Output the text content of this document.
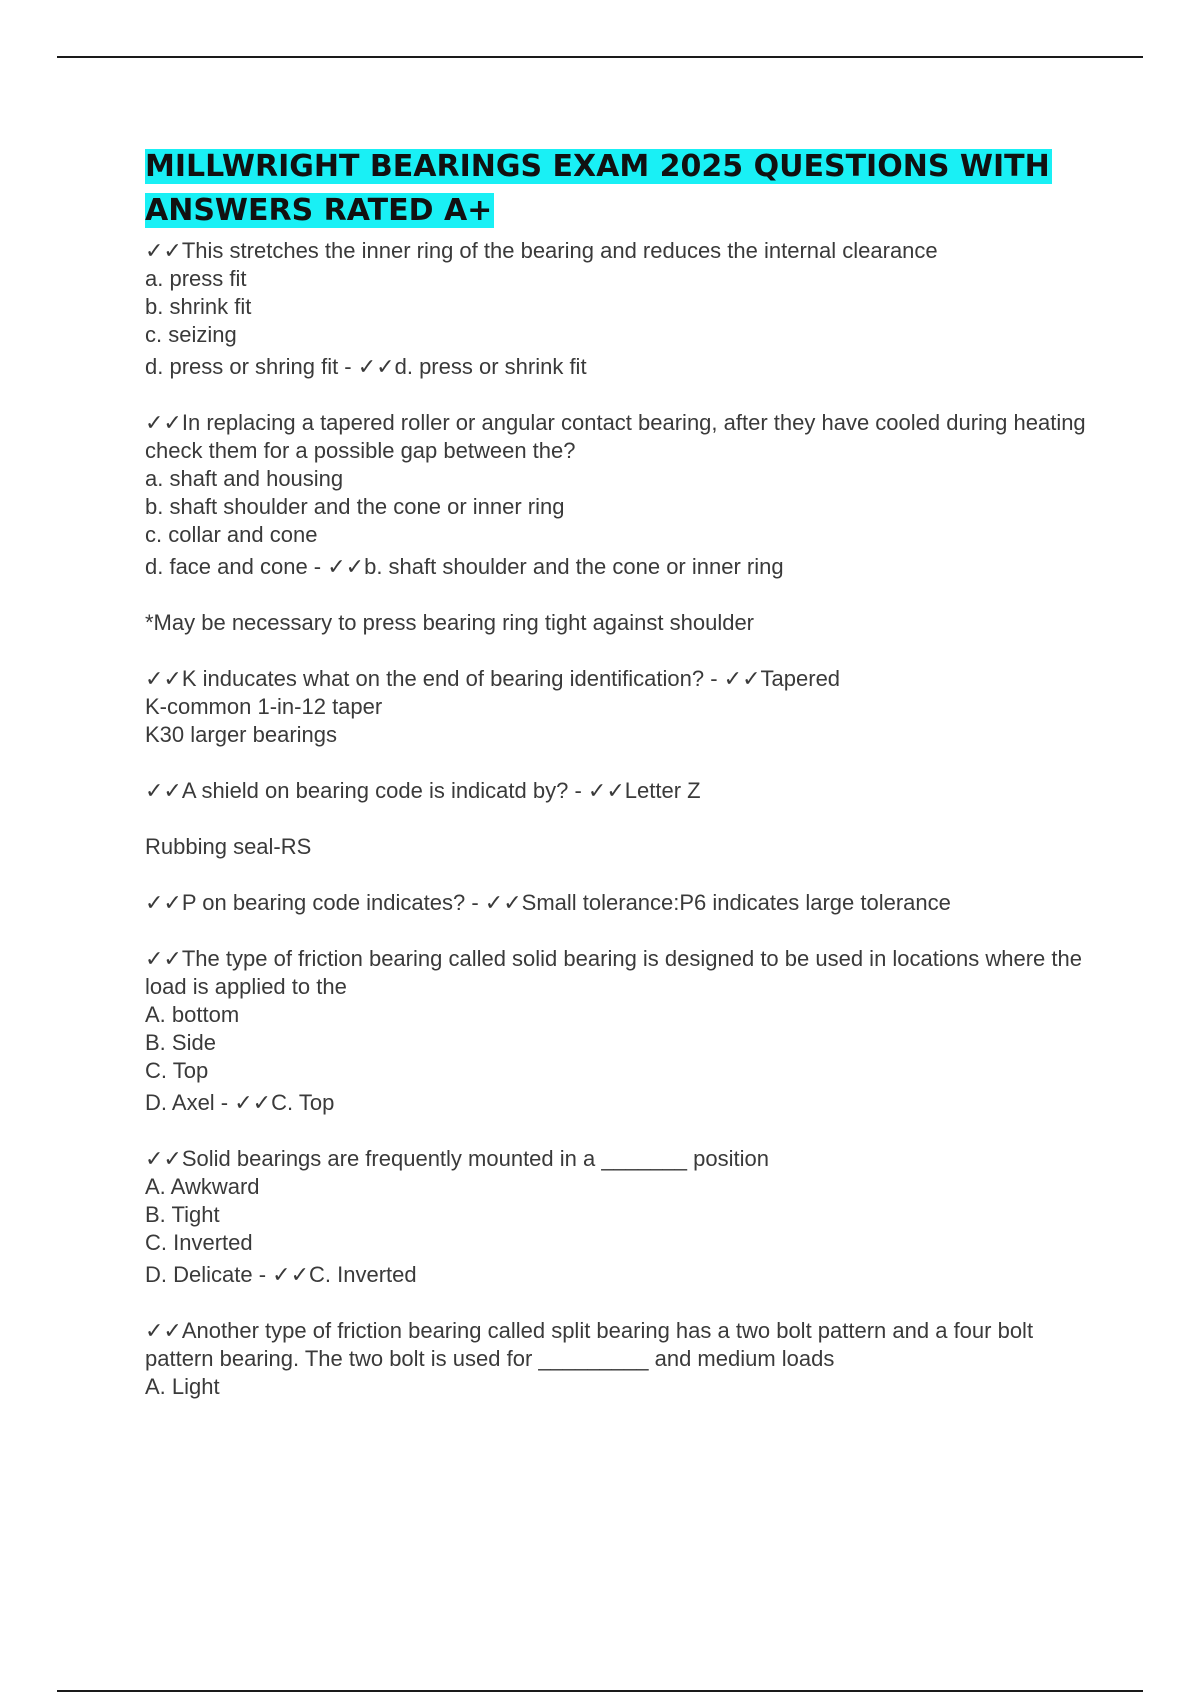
MILLWRIGHT BEARINGS EXAM 2025 QUESTIONS WITH ANSWERS RATED A+
✓✓This stretches the inner ring of the bearing and reduces the internal clearance
a. press fit
b. shrink fit
c. seizing
d. press or shring fit - ✓✓d. press or shrink fit
✓✓In replacing a tapered roller or angular contact bearing, after they have cooled during heating check them for a possible gap between the?
a. shaft and housing
b. shaft shoulder and the cone or inner ring
c. collar and cone
d. face and cone - ✓✓b. shaft shoulder and the cone or inner ring
*May be necessary to press bearing ring tight against shoulder
✓✓K inducates what on the end of bearing identification? - ✓✓Tapered
K-common 1-in-12 taper
K30 larger bearings
✓✓A shield on bearing code is indicatd by? - ✓✓Letter Z
Rubbing seal-RS
✓✓P on bearing code indicates? - ✓✓Small tolerance:P6 indicates large tolerance
✓✓The type of friction bearing called solid bearing is designed to be used in locations where the load is applied to the
A. bottom
B. Side
C. Top
D. Axel - ✓✓C. Top
✓✓Solid bearings are frequently mounted in a _______ position
A. Awkward
B. Tight
C. Inverted
D. Delicate - ✓✓C. Inverted
✓✓Another type of friction bearing called split bearing has a two bolt pattern and a four bolt pattern bearing. The two bolt is used for _________ and medium loads
A. Light
